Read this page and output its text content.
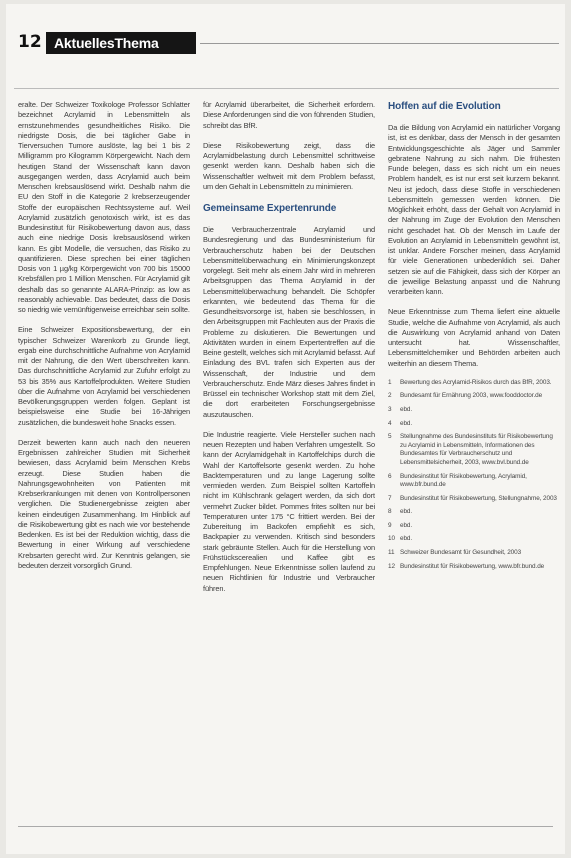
12 AktuellesThema

eralte. Der Schweizer Toxikologe Professor Schlatter bezeichnet Acrylamid in Lebensmitteln als ernstzunehmendes gesundheitliches Risiko. Die niedrigste Dosis, die bei täglicher Gabe in Tierversuchen Tumore auslöste, lag bei 1 bis 2 Milligramm pro Kilogramm Körpergewicht. Nach dem heutigen Stand der Wissenschaft kann davon ausgegangen werden, dass Acrylamid auch beim Menschen krebsauslösend wirkt. Deshalb nahm die EU den Stoff in die Kategorie 2 krebserzeugender Stoffe der europäischen Rechtssysteme auf. Weil Acrylamid zusätzlich genotoxisch wirkt, ist es das Bundesinstitut für Risikobewertung davon aus, dass auch eine niedrige Dosis krebsauslösend wirken kann. Es gibt Modelle, die versuchen, das Risiko zu quantifizieren. Diese sprechen bei einer täglichen Dosis von 1 µg/kg Körpergewicht von 700 bis 15000 Krebsfällen pro 1 Million Menschen. Für Acrylamid gilt deshalb das so genannte ALARA-Prinzip: as low as reasonably achievable. Das bedeutet, dass die Dosis so niedrig wie vernünftigerweise erreichbar sein sollte.

Eine Schweizer Expositionsbewertung, der ein typischer Schweizer Warenkorb zu Grunde liegt, ergab eine durchschnittliche Aufnahme von Acrylamid mit der Nahrung, die den Wert überschreiten kann. Das durchschnittliche Acrylamid zur Zufuhr erfolgt zu 53 bis 35% aus Kartoffelprodukten. Weitere Studien über die Aufnahme von Acrylamid bei verschiedenen Bevölkerungsgruppen werden folgen. Geplant ist beispielsweise eine Studie bei 16-Jährigen zusätzlichen, die bundesweit hohe Snacks essen.

Derzeit bewerten kann auch nach den neueren Ergebnissen zahlreicher Studien mit Sicherheit bewiesen, dass Acrylamid beim Menschen Krebs erzeugt. Diese Studien haben die Nahrungsgewohnheiten von Patienten mit Krebserkrankungen mit denen von Kontrollpersonen verglichen. Die Studienergebnisse zeigten aber keinen eindeutigen Zusammenhang. Im Hinblick auf die Risikobewertung gibt es nach wie vor bestehende Bedenken. Es ist bei der Reduktion wichtig, dass die Bewertung in einer Wirkung auf verschiedene Krebsarten gerecht wird. Zur Kenntnis gelangen, sie bedeuten derzeit vorsorglich Grund.

für Acrylamid überarbeitet, die Sicherheit erfordern. Diese Anforderungen sind die von führenden Studien, schreibt das BfR.

Diese Risikobewertung zeigt, dass die Acrylamidbelastung durch Lebensmittel schrittweise gesenkt werden kann. Deshalb haben sich die Wissenschaftler weltweit mit dem Problem befasst, um den Gehalt in Lebensmitteln zu minimieren.

Gemeinsame Expertenrunde

Die Verbraucherzentrale Acrylamid und Bundesregierung und das Bundesministerium für Verbraucherschutz haben bei der Deutschen Lebensmittelüberwachung ein Minimierungskonzept vorgelegt. Seit mehr als einem Jahr wird in mehreren Arbeitsgruppen das Thema Acrylamid in der Lebensmittelüberwachung behandelt. Die Schöpfer erkannten, wie bedeutend das Thema für die Gesundheitsvorsorge ist, haben sie beschlossen, in den Arbeitsgruppen mit Fachleuten aus der Praxis die Probleme zu diskutieren. Die Bewertungen und Aktivitäten wurden in einem Expertentreffen auf die Beine gestellt, welches sich mit Acrylamid befasst. Auf Einladung des BVL trafen sich Experten aus der Wissenschaft, der Industrie und dem Verbraucherschutz. Ende März dieses Jahres findet in Brüssel ein technischer Workshop statt mit dem Ziel, die dort erarbeiteten Forschungsergebnisse auszutauschen.

Die Industrie reagierte. Viele Hersteller suchen nach neuen Rezepten und haben Verfahren umgestellt. So kann der Acrylamidgehalt in Kartoffelchips durch die Wahl der Kartoffelsorte gesenkt werden. Zu hohe Backtemperaturen und zu lange Lagerung sollte vermieden werden. Zum Beispiel sollten Kartoffeln nicht im Kühlschrank gelagert werden, da sich dort vermehrt Zucker bildet. Pommes frites sollten nur bei Temperaturen unter 175 °C frittiert werden. Bei der Zubereitung im Backofen empfiehlt es sich, Backpapier zu verwenden. Kritisch sind besonders stark gebräunte Stellen. Auch für die Herstellung von Frühstückscerealien und Kaffee gibt es Empfehlungen. Neue Erkenntnisse sollen laufend zu neuen Richtlinien für Industrie und Verbraucher führen.

Hoffen auf die Evolution

Da die Bildung von Acrylamid ein natürlicher Vorgang ist, ist es denkbar, dass der Mensch in der gesamten Entwicklungsgeschichte als Jäger und Sammler gebratene Nahrung zu sich nahm. Die frühesten Funde belegen, dass es sich nicht um ein neues Problem handelt, es ist nur erst seit kurzem bekannt. Neu ist jedoch, dass diese Stoffe in verschiedenen Lebensmitteln gemessen werden können. Die Möglichkeit erhöht, dass der Gehalt von Acrylamid in der Nahrung im Zuge der Evolution den Menschen nicht geschadet hat. Ob der Mensch im Laufe der Evolution an Acrylamid in Lebensmitteln gewöhnt ist, ist unklar. Andere Forscher meinen, dass Acrylamid für viele Generationen unbedenklich sei. Daher setzen sie auf die Fähigkeit, dass sich der Körper an die jeweilige Belastung anpasst und die Nahrung verarbeiten kann.

Neue Erkenntnisse zum Thema liefert eine aktuelle Studie, welche die Aufnahme von Acrylamid, als auch die Auswirkung von Acrylamid anhand von Daten untersucht hat. Wissenschaftler, Lebensmittelchemiker und Behörden arbeiten auch weiterhin an diesem Thema.

1	Bewertung des Acrylamid-Risikos durch das BfR, 2003.
2	Bundesamt für Ernährung 2003, www.fooddoctor.de
3	ebd.
4	ebd.
5	Stellungnahme des Bundesinstituts für Risikobewertung zu Acrylamid in Lebensmitteln, Informationen des Bundesamtes für Verbraucherschutz und Lebensmittelsicherheit, 2003, www.bvl.bund.de
6	Bundesinstitut für Risikobewertung, Acrylamid, www.bfr.bund.de
7	Bundesinstitut für Risikobewertung, Stellungnahme, 2003
8	ebd.
9	ebd.
10 ebd.
11 Schweizer Bundesamt für Gesundheit, 2003
12 Bundesinstitut für Risikobewertung, www.bfr.bund.de
